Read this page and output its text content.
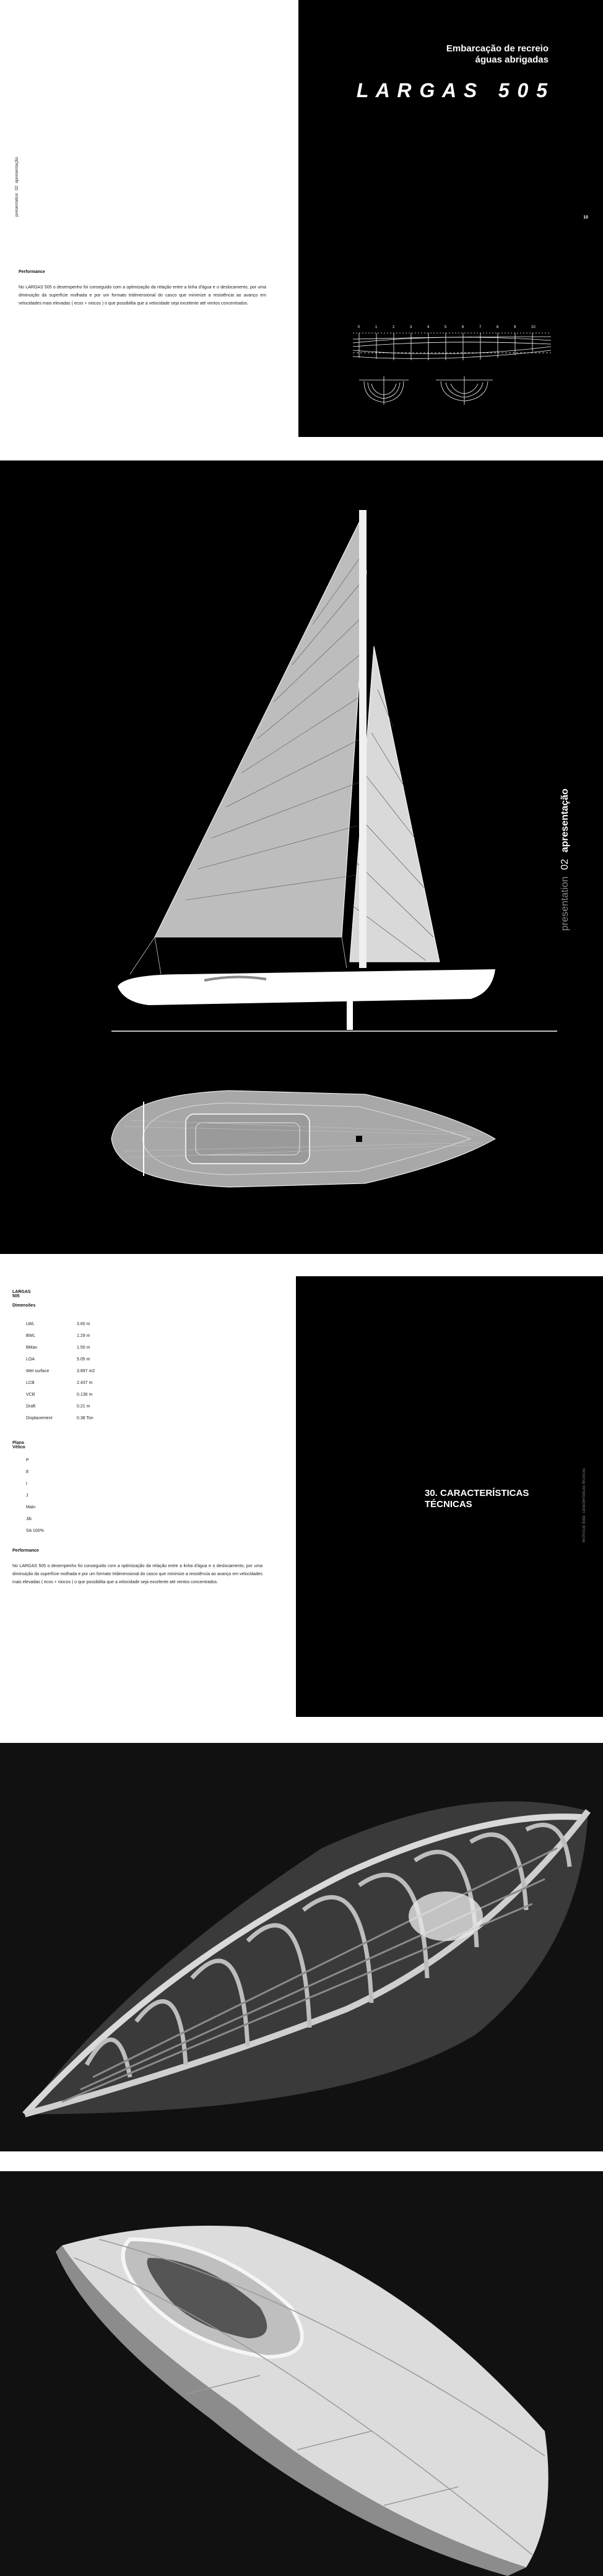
Embarcação de recreio
águas abrigadas
L A R G A S   5 0 5
10
0	1	2	3	4	5	6	7	8	9	10
presentation  02  apresentação
Performance
No LARGAS 505 o desempenho foi conseguido com a optimização da relação entre a linha d'água e o deslocamento, por uma diminuição da superfície molhada e por um formato tridimensional do casco que minimize a resistência ao avanço em velocidades mais elevadas ( ecos + niocos ) o que possibilita que a velocidade seja excelente até ventos concentrados.
presentation 02 apresentação
LARGAS 505
Dimensões
LWL	3.60 m
BWL	1.29 m
BMax	1.50 m
LOA	5.05 m
Wet surface	3.897 m2
LCB	2.437 m
VCB	0.136 m
Draft	0.21 m
Displacement	0.38 Ton
Plano Vélico
P
E
I
J
Main
Jib
SA 100%
Performance
No LARGAS 505 o desempenho foi conseguido com a optimização da relação entre a linha d'água e o deslocamento, por uma diminuição da superfície molhada e por um formato tridimensional do casco que minimize a resistência ao avanço em velocidades mais elevadas ( ecos + niocos ) o que possibilita que a velocidade seja excelente até ventos concentrados.
30. CARACTERÍSTICAS
TÉCNICAS	technical data  características técnicas
